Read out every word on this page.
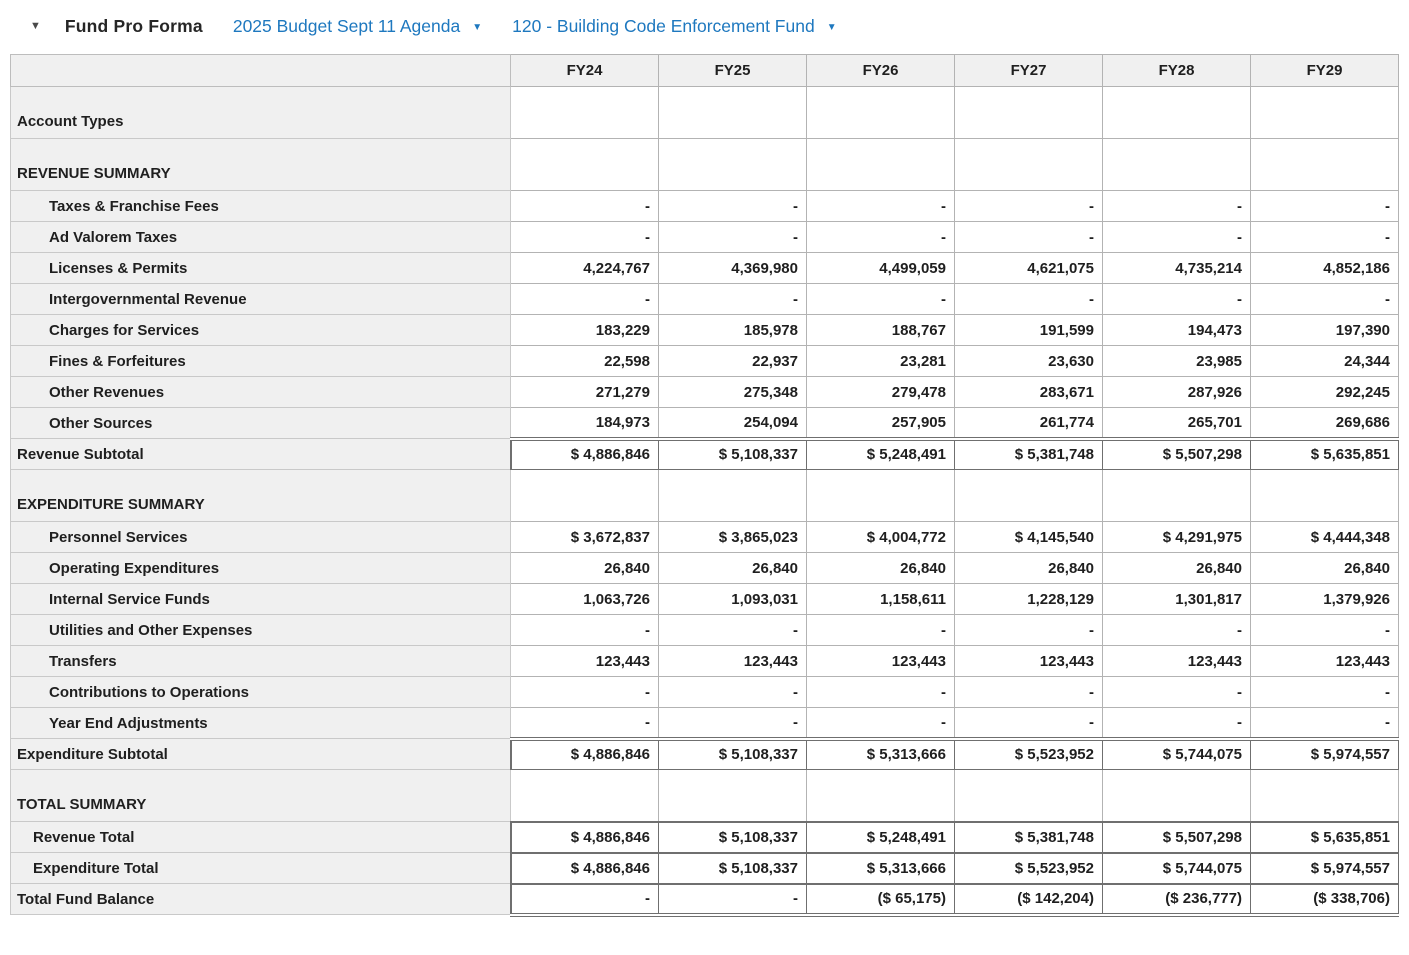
▼ Fund Pro Forma 2025 Budget Sept 11 Agenda ▼ 120 - Building Code Enforcement Fund ▼
	FY24	FY25	FY26	FY27	FY28	FY29
Account Types						
REVENUE SUMMARY						
Taxes & Franchise Fees	-	-	-	-	-	-
Ad Valorem Taxes	-	-	-	-	-	-
Licenses & Permits	4,224,767	4,369,980	4,499,059	4,621,075	4,735,214	4,852,186
Intergovernmental Revenue	-	-	-	-	-	-
Charges for Services	183,229	185,978	188,767	191,599	194,473	197,390
Fines & Forfeitures	22,598	22,937	23,281	23,630	23,985	24,344
Other Revenues	271,279	275,348	279,478	283,671	287,926	292,245
Other Sources	184,973	254,094	257,905	261,774	265,701	269,686
Revenue Subtotal	$ 4,886,846	$ 5,108,337	$ 5,248,491	$ 5,381,748	$ 5,507,298	$ 5,635,851
EXPENDITURE SUMMARY						
Personnel Services	$ 3,672,837	$ 3,865,023	$ 4,004,772	$ 4,145,540	$ 4,291,975	$ 4,444,348
Operating Expenditures	26,840	26,840	26,840	26,840	26,840	26,840
Internal Service Funds	1,063,726	1,093,031	1,158,611	1,228,129	1,301,817	1,379,926
Utilities and Other Expenses	-	-	-	-	-	-
Transfers	123,443	123,443	123,443	123,443	123,443	123,443
Contributions to Operations	-	-	-	-	-	-
Year End Adjustments	-	-	-	-	-	-
Expenditure Subtotal	$ 4,886,846	$ 5,108,337	$ 5,313,666	$ 5,523,952	$ 5,744,075	$ 5,974,557
TOTAL SUMMARY						
Revenue Total	$ 4,886,846	$ 5,108,337	$ 5,248,491	$ 5,381,748	$ 5,507,298	$ 5,635,851
Expenditure Total	$ 4,886,846	$ 5,108,337	$ 5,313,666	$ 5,523,952	$ 5,744,075	$ 5,974,557
Total Fund Balance	-	-	($ 65,175)	($ 142,204)	($ 236,777)	($ 338,706)
